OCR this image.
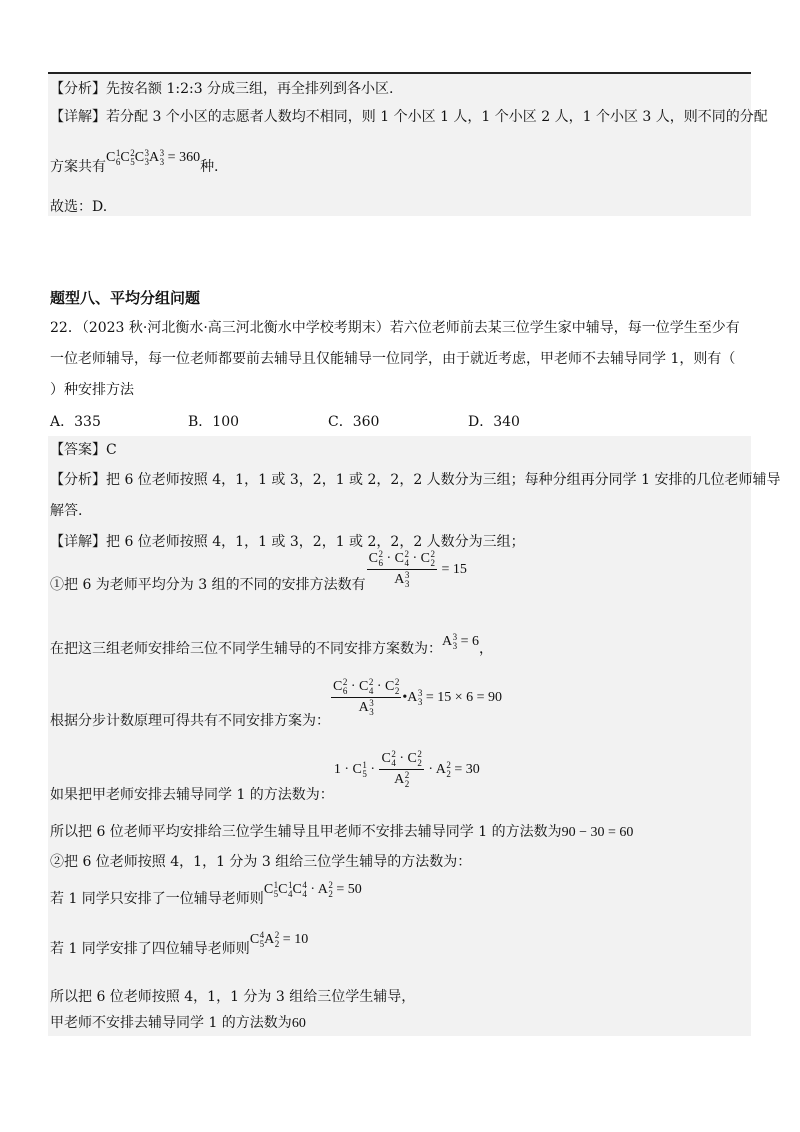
【分析】先按名额 1:2:3 分成三组，再全排列到各小区.
【详解】若分配 3 个小区的志愿者人数均不相同，则 1 个小区 1 人，1 个小区 2 人，1 个小区 3 人，则不同的分配
方案共有C 1
6 C 2
5 C 3
3 A 3
3 = 360种.
故选：D.
题型八、平均分组问题
22．（2023 秋·河北衡水·高三河北衡水中学校考期末）若六位老师前去某三位学生家中辅导，每一位学生至少有
一位老师辅导，每一位老师都要前去辅导且仅能辅导一位同学，由于就近考虑，甲老师不去辅导同学 1，则有（
）种安排方法
A．335	B．100	C．360	D．340
【答案】C
【分析】把 6 位老师按照 4，1，1 或 3，2，1 或 2，2，2 人数分为三组；每种分组再分同学 1 安排的几位老师辅导
解答.
【详解】把 6 位老师按照 4，1，1 或 3，2，1 或 2，2，2 人数分为三组；
①把 6 为老师平均分为 3 组的不同的安排方法数有 C 2
6 · C 2
4 · C 2
2
A 3
3 = 15
在把这三组老师安排给三位不同学生辅导的不同安排方案数为：A 3
3 = 6，
根据分步计数原理可得共有不同安排方案为：
C 2
6 · C 2
4 · C 2
2
A 3
3 •A 3
3 = 15 × 6 = 90
如果把甲老师安排去辅导同学 1 的方法数为：1 · C 1
5 · C 2
4 · C 2
2
A 2
2 · A 2
2 = 30
所以把 6 位老师平均安排给三位学生辅导且甲老师不安排去辅导同学 1 的方法数为90 − 30 = 60
②把 6 位老师按照 4，1，1 分为 3 组给三位学生辅导的方法数为：
若 1 同学只安排了一位辅导老师则C 1
5 C 1
4 C 4
4 · A 2
2 = 50
若 1 同学安排了四位辅导老师则C 4
5 A 2
2 = 10
所以把 6 位老师按照 4，1，1 分为 3 组给三位学生辅导，
甲老师不安排去辅导同学 1 的方法数为60
